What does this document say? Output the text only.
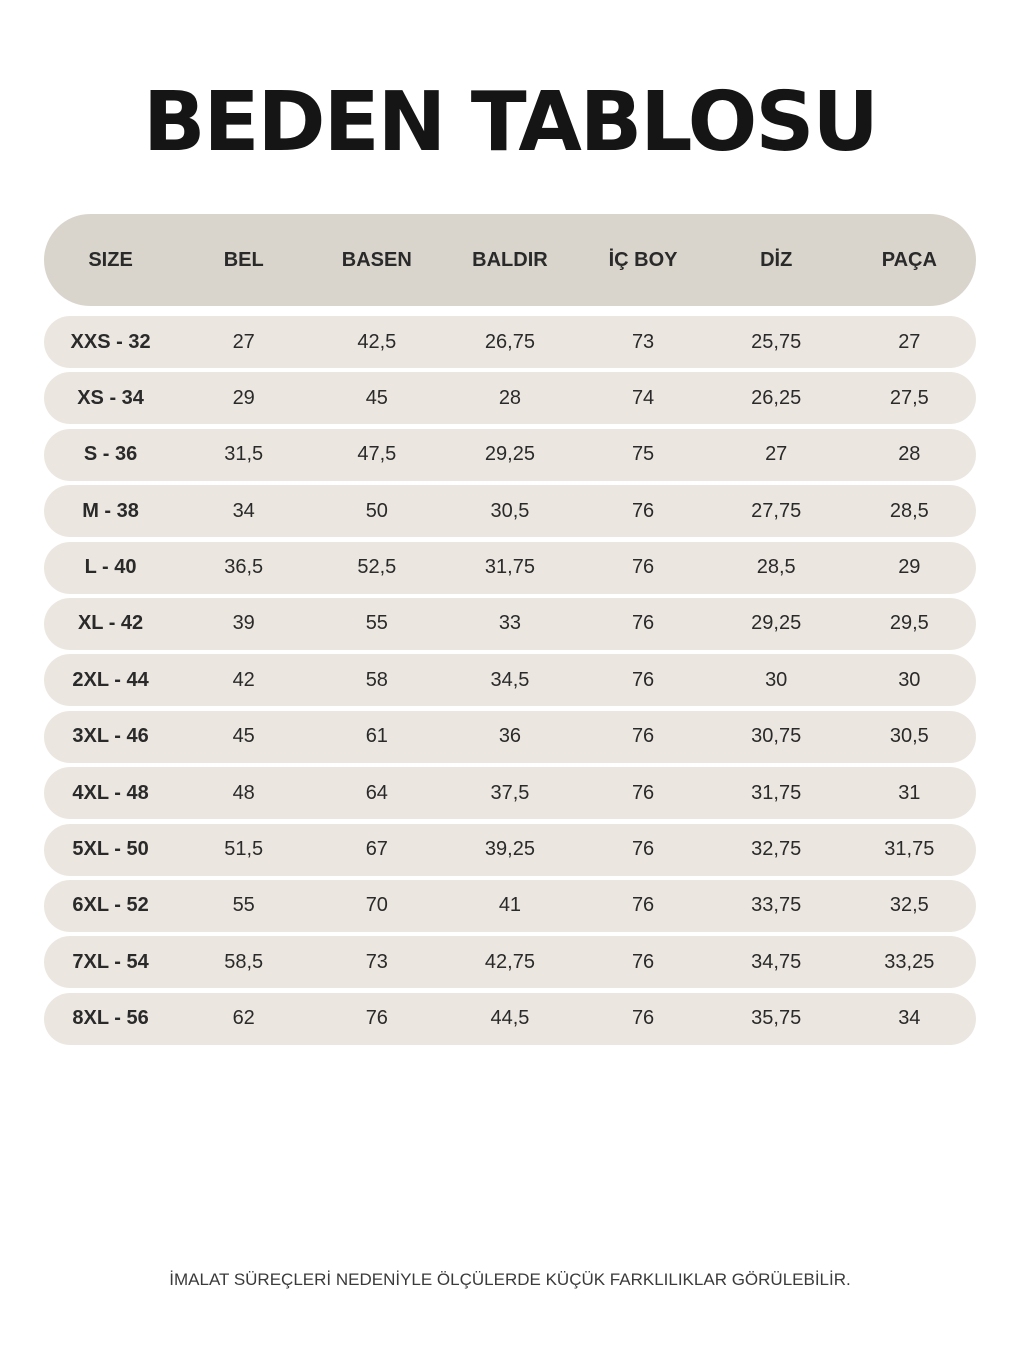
BEDEN TABLOSU
SIZE	BEL	BASEN	BALDIR	İÇ BOY	DİZ	PAÇA
XXS - 32	27	42,5	26,75	73	25,75	27
XS - 34	29	45	28	74	26,25	27,5
S - 36	31,5	47,5	29,25	75	27	28
M - 38	34	50	30,5	76	27,75	28,5
L - 40	36,5	52,5	31,75	76	28,5	29
XL - 42	39	55	33	76	29,25	29,5
2XL - 44	42	58	34,5	76	30	30
3XL - 46	45	61	36	76	30,75	30,5
4XL - 48	48	64	37,5	76	31,75	31
5XL - 50	51,5	67	39,25	76	32,75	31,75
6XL - 52	55	70	41	76	33,75	32,5
7XL - 54	58,5	73	42,75	76	34,75	33,25
8XL - 56	62	76	44,5	76	35,75	34
İMALAT SÜREÇLERİ NEDENİYLE ÖLÇÜLERDE KÜÇÜK FARKLILIKLAR GÖRÜLEBİLİR.
